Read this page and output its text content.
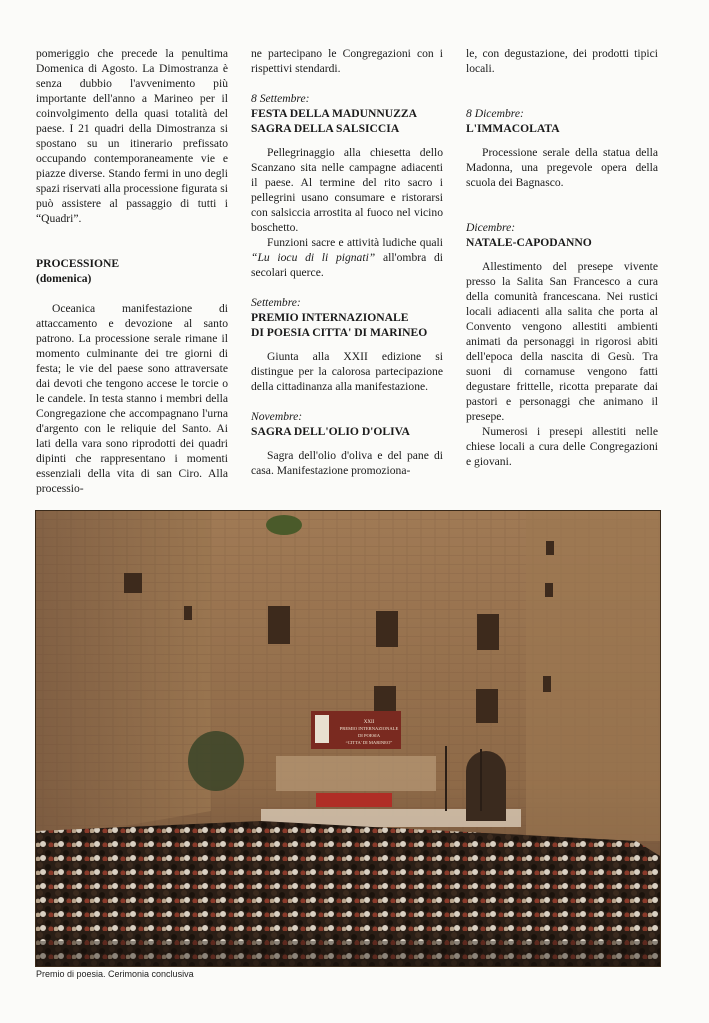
pomeriggio che precede la penultima Domenica di Agosto. La Dimostranza è senza dubbio l'avvenimento più importante dell'anno a Marineo per il coinvolgimento della quasi totalità del paese. I 21 quadri della Dimostranza si spostano su un itinerario prefissato occupando contemporaneamente vie e piazze diverse. Stando fermi in uno degli spazi riservati alla processione figurata si può assistere al passaggio di tutti i “Quadri”.

PROCESSIONE

(domenica)

Oceanica manifestazione di attaccamento e devozione al santo patrono. La processione serale rimane il momento culminante dei tre giorni di festa; le vie del paese sono attraversate dai devoti che tengono accese le torcie o le candele. In testa stanno i membri della Congregazione che accompagnano l'urna d'argento con le reliquie del Santo. Ai lati della vara sono riprodotti dei quadri dipinti che rappresentano i momenti essenziali della vita di san Ciro. Alla processio-

ne partecipano le Congregazioni con i rispettivi stendardi.

8 Settembre:

FESTA DELLA MADUNNUZZA

SAGRA DELLA SALSICCIA

Pellegrinaggio alla chiesetta dello Scanzano sita nelle campagne adiacenti il paese. Al termine del rito sacro i pellegrini usano consumare e ristorarsi con salsiccia arrostita al fuoco nel vicino boschetto.

Funzioni sacre e attività ludiche quali “Lu iocu di li pignati” all'ombra di secolari querce.

Settembre:

PREMIO INTERNAZIONALE

DI POESIA CITTA' DI MARINEO

Giunta alla XXII edizione si distingue per la calorosa partecipazione della cittadinanza alla manifestazione.

Novembre:

SAGRA DELL'OLIO D'OLIVA

Sagra dell'olio d'oliva e del pane di casa. Manifestazione promoziona-

le, con degustazione, dei prodotti tipici locali.

8 Dicembre:

L'IMMACOLATA

Processione serale della statua della Madonna, una pregevole opera della scuola dei Bagnasco.

Dicembre:

NATALE-CAPODANNO

Allestimento del presepe vivente presso la Salita San Francesco a cura della comunità francescana. Nei rustici locali adiacenti alla salita che porta al Convento vengono allestiti ambienti animati da personaggi in rigorosi abiti dell'epoca della nascita di Gesù. Tra suoni di cornamuse vengono fatti degustare frittelle, ricotta preparate dai pastori e personaggi che animano il presepe.

Numerosi i presepi allestiti nelle chiese locali a cura delle Congregazioni e giovani.

XXII
PREMIO INTERNAZIONALE
DI POESIA
“CITTA' DI MARINEO”
Premio di poesia. Cerimonia conclusiva
